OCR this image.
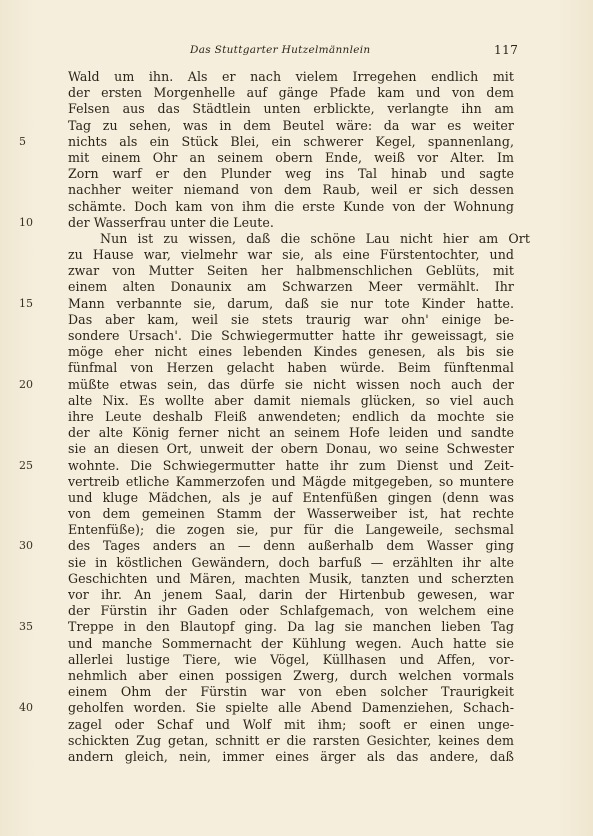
Das Stuttgarter Hutzelmännlein	117
Wald um ihn. Als er nach vielem Irregehen endlich mit
der ersten Morgenhelle auf gänge Pfade kam und von dem
Felsen aus das Städtlein unten erblickte, verlangte ihn am
Tag zu sehen, was in dem Beutel wäre: da war es weiter
5	nichts als ein Stück Blei, ein schwerer Kegel, spannenlang,
mit einem Ohr an seinem obern Ende, weiß vor Alter. Im
Zorn warf er den Plunder weg ins Tal hinab und sagte
nachher weiter niemand von dem Raub, weil er sich dessen
schämte. Doch kam von ihm die erste Kunde von der Wohnung
10	der Wasserfrau unter die Leute.
Nun ist zu wissen, daß die schöne Lau nicht hier am Ort
zu Hause war, vielmehr war sie, als eine Fürstentochter, und
zwar von Mutter Seiten her halbmenschlichen Geblüts, mit
einem alten Donaunix am Schwarzen Meer vermählt. Ihr
15	Mann verbannte sie, darum, daß sie nur tote Kinder hatte.
Das aber kam, weil sie stets traurig war ohn' einige be-
sondere Ursach'. Die Schwiegermutter hatte ihr geweissagt, sie
möge eher nicht eines lebenden Kindes genesen, als bis sie
fünfmal von Herzen gelacht haben würde. Beim fünftenmal
20	müßte etwas sein, das dürfe sie nicht wissen noch auch der
alte Nix. Es wollte aber damit niemals glücken, so viel auch
ihre Leute deshalb Fleiß anwendeten; endlich da mochte sie
der alte König ferner nicht an seinem Hofe leiden und sandte
sie an diesen Ort, unweit der obern Donau, wo seine Schwester
25	wohnte. Die Schwiegermutter hatte ihr zum Dienst und Zeit-
vertreib etliche Kammerzofen und Mägde mitgegeben, so muntere
und kluge Mädchen, als je auf Entenfüßen gingen (denn was
von dem gemeinen Stamm der Wasserweiber ist, hat rechte
Entenfüße); die zogen sie, pur für die Langeweile, sechsmal
30	des Tages anders an — denn außerhalb dem Wasser ging
sie in köstlichen Gewändern, doch barfuß — erzählten ihr alte
Geschichten und Mären, machten Musik, tanzten und scherzten
vor ihr. An jenem Saal, darin der Hirtenbub gewesen, war
der Fürstin ihr Gaden oder Schlafgemach, von welchem eine
35	Treppe in den Blautopf ging. Da lag sie manchen lieben Tag
und manche Sommernacht der Kühlung wegen. Auch hatte sie
allerlei lustige Tiere, wie Vögel, Küllhasen und Affen, vor-
nehmlich aber einen possigen Zwerg, durch welchen vormals
einem Ohm der Fürstin war von eben solcher Traurigkeit
40	geholfen worden. Sie spielte alle Abend Damenziehen, Schach-
zagel oder Schaf und Wolf mit ihm; sooft er einen unge-
schickten Zug getan, schnitt er die rarsten Gesichter, keines dem
andern gleich, nein, immer eines ärger als das andere, daß
